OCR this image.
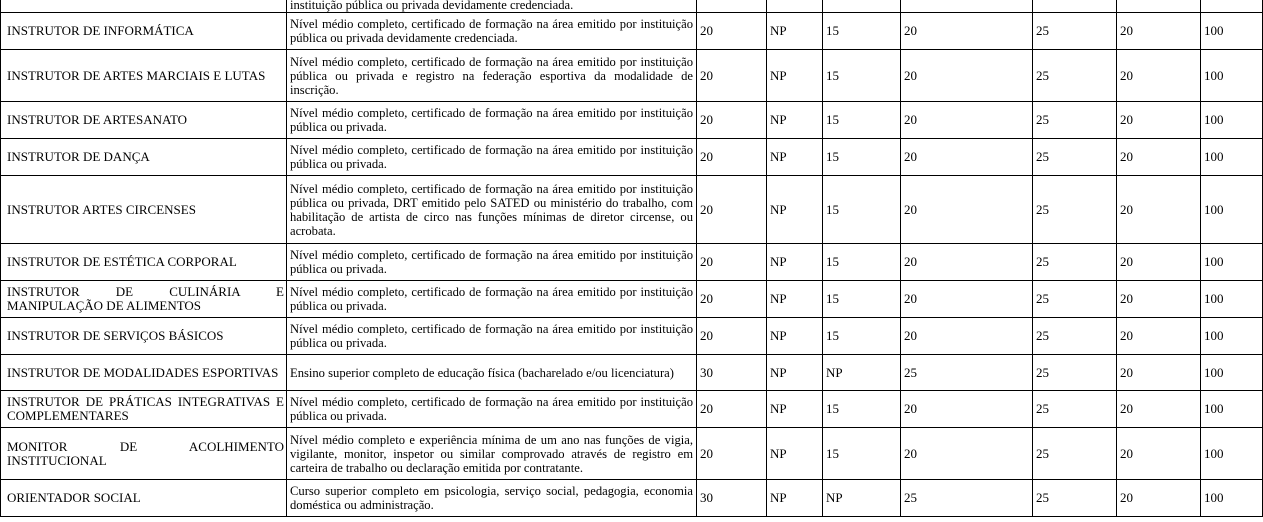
	instituição pública ou privada devidamente credenciada.							
INSTRUTOR DE INFORMÁTICA	Nível médio completo, certificado de formação na área emitido por instituição pública ou privada devidamente credenciada.	20	NP	15	20	25	20	100
INSTRUTOR DE ARTES MARCIAIS E LUTAS	Nível médio completo, certificado de formação na área emitido por instituição pública ou privada e registro na federação esportiva da modalidade de inscrição.	20	NP	15	20	25	20	100
INSTRUTOR DE ARTESANATO	Nível médio completo, certificado de formação na área emitido por instituição pública ou privada.	20	NP	15	20	25	20	100
INSTRUTOR DE DANÇA	Nível médio completo, certificado de formação na área emitido por instituição pública ou privada.	20	NP	15	20	25	20	100
INSTRUTOR ARTES CIRCENSES	Nível médio completo, certificado de formação na área emitido por instituição pública ou privada, DRT emitido pelo SATED ou ministério do trabalho, com habilitação de artista de circo nas funções mínimas de diretor circense, ou acrobata.	20	NP	15	20	25	20	100
INSTRUTOR DE ESTÉTICA CORPORAL	Nível médio completo, certificado de formação na área emitido por instituição pública ou privada.	20	NP	15	20	25	20	100
INSTRUTOR DE CULINÁRIA E MANIPULAÇÃO DE ALIMENTOS	Nível médio completo, certificado de formação na área emitido por instituição pública ou privada.	20	NP	15	20	25	20	100
INSTRUTOR DE SERVIÇOS BÁSICOS	Nível médio completo, certificado de formação na área emitido por instituição pública ou privada.	20	NP	15	20	25	20	100
INSTRUTOR DE MODALIDADES ESPORTIVAS	Ensino superior completo de educação física (bacharelado e/ou licenciatura)	30	NP	NP	25	25	20	100
INSTRUTOR DE PRÁTICAS INTEGRATIVAS E COMPLEMENTARES	Nível médio completo, certificado de formação na área emitido por instituição pública ou privada.	20	NP	15	20	25	20	100
MONITOR DE ACOLHIMENTO INSTITUCIONAL	Nível médio completo e experiência mínima de um ano nas funções de vigia, vigilante, monitor, inspetor ou similar comprovado através de registro em carteira de trabalho ou declaração emitida por contratante.	20	NP	15	20	25	20	100
ORIENTADOR SOCIAL	Curso superior completo em psicologia, serviço social, pedagogia, economia doméstica ou administração.	30	NP	NP	25	25	20	100
